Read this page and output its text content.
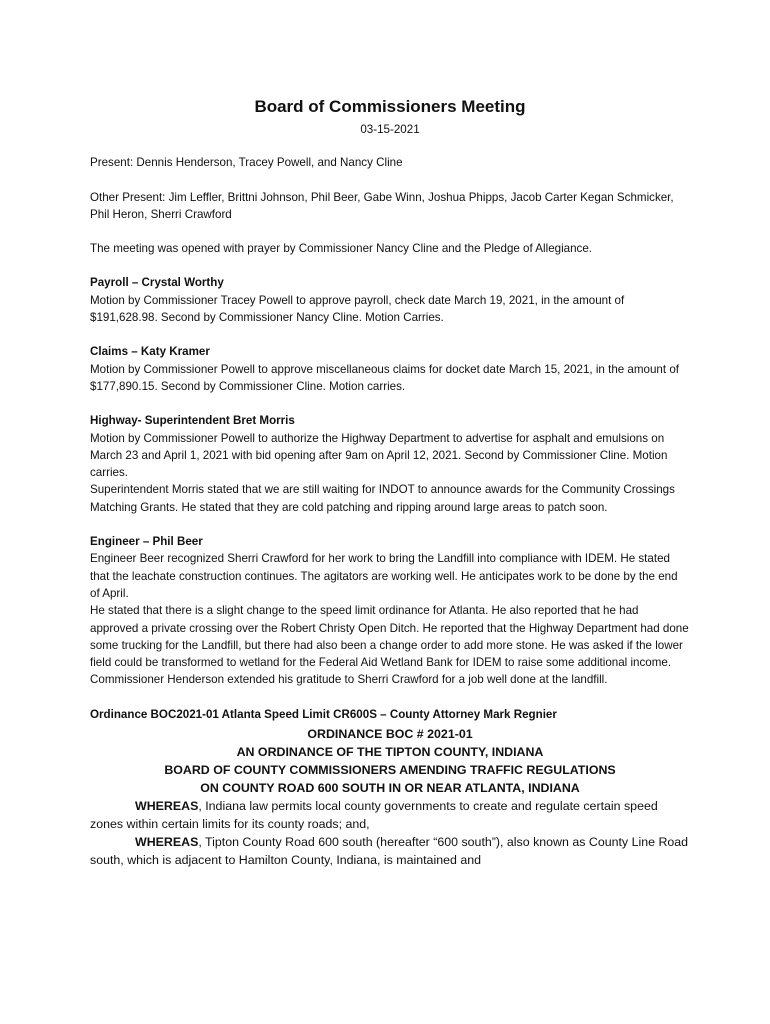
Board of Commissioners Meeting

03-15-2021

Present: Dennis Henderson, Tracey Powell, and Nancy Cline

Other Present: Jim Leffler, Brittni Johnson, Phil Beer, Gabe Winn, Joshua Phipps, Jacob Carter Kegan Schmicker, Phil Heron, Sherri Crawford

The meeting was opened with prayer by Commissioner Nancy Cline and the Pledge of Allegiance.

Payroll – Crystal Worthy

Motion by Commissioner Tracey Powell to approve payroll, check date March 19, 2021, in the amount of $191,628.98. Second by Commissioner Nancy Cline. Motion Carries.

Claims – Katy Kramer

Motion by Commissioner Powell to approve miscellaneous claims for docket date March 15, 2021, in the amount of $177,890.15. Second by Commissioner Cline. Motion carries.

Highway- Superintendent Bret Morris

Motion by Commissioner Powell to authorize the Highway Department to advertise for asphalt and emulsions on March 23 and April 1, 2021 with bid opening after 9am on April 12, 2021. Second by Commissioner Cline. Motion carries.

Superintendent Morris stated that we are still waiting for INDOT to announce awards for the Community Crossings Matching Grants. He stated that they are cold patching and ripping around large areas to patch soon.

Engineer – Phil Beer

Engineer Beer recognized Sherri Crawford for her work to bring the Landfill into compliance with IDEM. He stated that the leachate construction continues. The agitators are working well. He anticipates work to be done by the end of April.

He stated that there is a slight change to the speed limit ordinance for Atlanta. He also reported that he had approved a private crossing over the Robert Christy Open Ditch. He reported that the Highway Department had done some trucking for the Landfill, but there had also been a change order to add more stone. He was asked if the lower field could be transformed to wetland for the Federal Aid Wetland Bank for IDEM to raise some additional income.

Commissioner Henderson extended his gratitude to Sherri Crawford for a job well done at the landfill.

Ordinance BOC2021-01 Atlanta Speed Limit CR600S – County Attorney Mark Regnier

ORDINANCE BOC # 2021-01

AN ORDINANCE OF THE TIPTON COUNTY, INDIANA

BOARD OF COUNTY COMMISSIONERS AMENDING TRAFFIC REGULATIONS

ON COUNTY ROAD 600 SOUTH IN OR NEAR ATLANTA, INDIANA

WHEREAS, Indiana law permits local county governments to create and regulate certain speed zones within certain limits for its county roads; and,

WHEREAS, Tipton County Road 600 south (hereafter “600 south”), also known as County Line Road south, which is adjacent to Hamilton County, Indiana, is maintained and
